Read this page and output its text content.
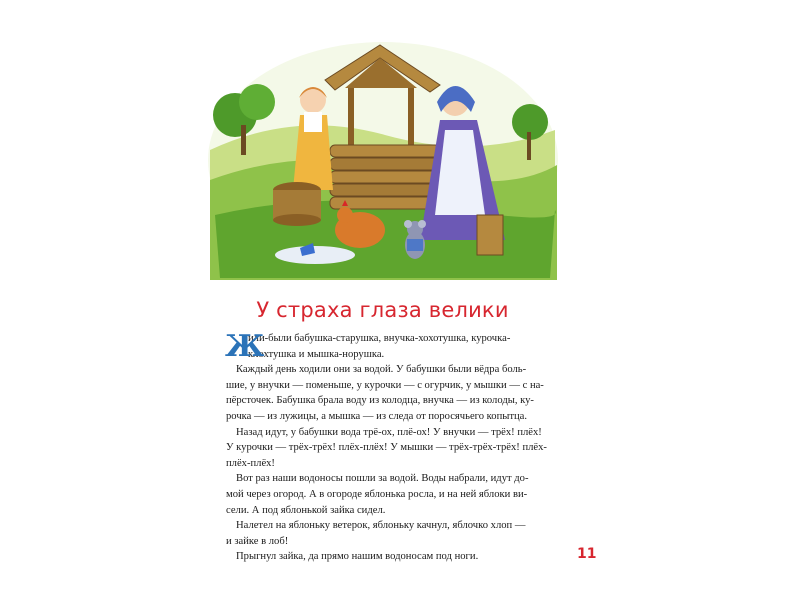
У страха глаза велики
Ж
или-были бабушка-старушка, внучка-хохотушка, курочка-
клохтушка и мышка-норушка.
Каждый день ходили они за водой. У бабушки были вёдра боль-
шие, у внучки — поменьше, у курочки — с огурчик, у мышки — с на-
пёрсточек. Бабушка брала воду из колодца, внучка — из колоды, ку-
рочка — из лужицы, а мышка — из следа от поросячьего копытца.
Назад идут, у бабушки вода трё-ох, плё-ох! У внучки — трёх! плёх!
У курочки — трёх-трёх! плёх-плёх! У мышки — трёх-трёх-трёх! плёх-
плёх-плёх!
Вот раз наши водоносы пошли за водой. Воды набрали, идут до-
мой через огород. А в огороде яблонька росла, и на ней яблоки ви-
сели. А под яблонькой зайка сидел.
Налетел на яблоньку ветерок, яблоньку качнул, яблочко хлоп —
и зайке в лоб!
Прыгнул зайка, да прямо нашим водоносам под ноги.	11
